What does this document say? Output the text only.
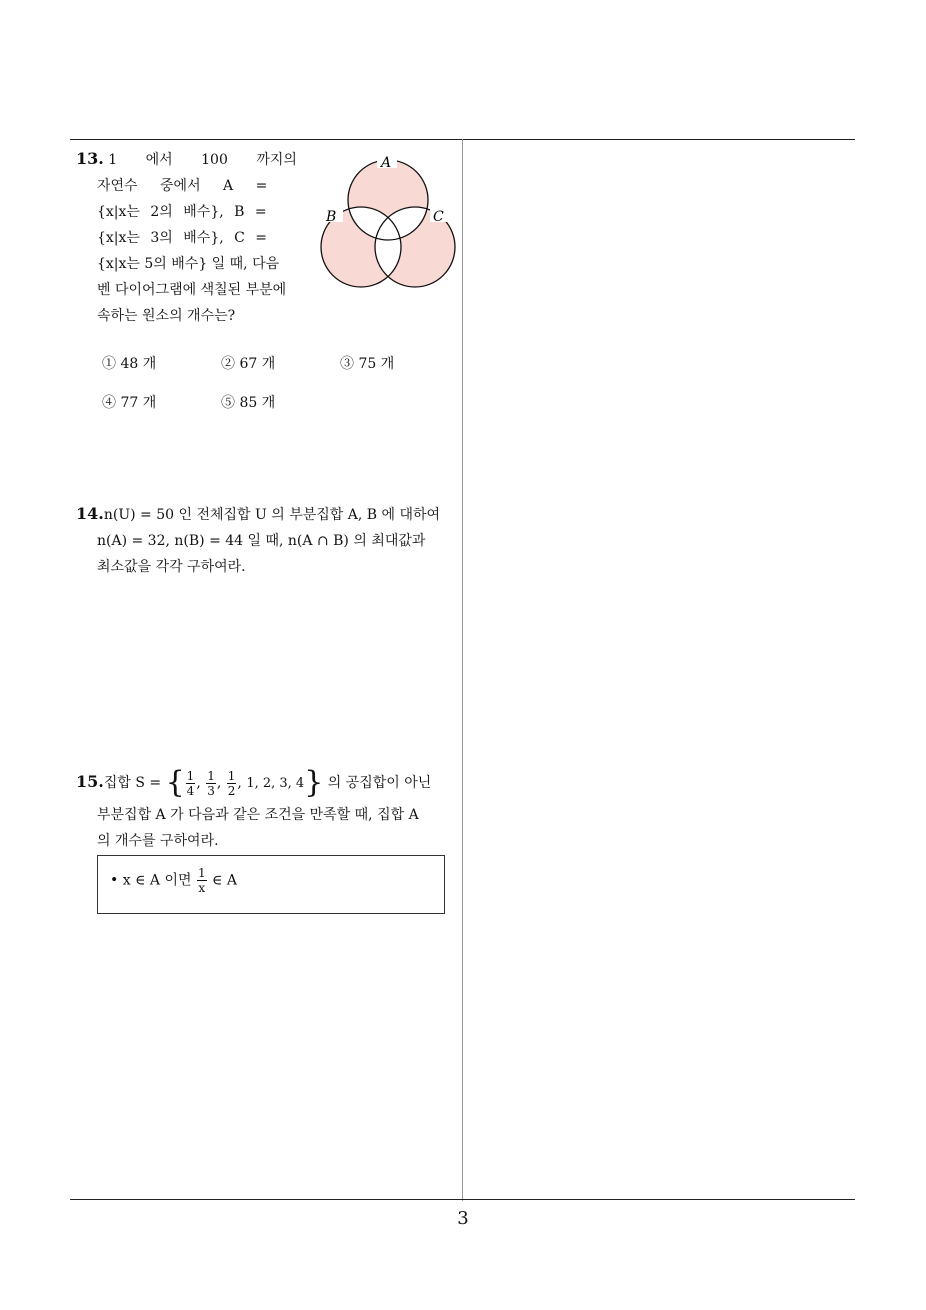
13. 1 에서 100 까지의
자연수 중에서 A =
{x|x는 2의 배수}, B =
{x|x는 3의 배수}, C =
{x|x는 5의 배수} 일 때, 다음
벤 다이어그램에 색칠된 부분에
속하는 원소의 개수는?
A
B	C
① 48 개	② 67 개	③ 75 개
④ 77 개	⑤ 85 개
14.n(U) = 50 인 전체집합 U 의 부분집합 A, B 에 대하여
n(A) = 32, n(B) = 44 일 때, n(A ∩ B) 의 최대값과
최소값을 각각 구하여라.
15.집합 S = { $\frac{1}{4}$ , $\frac{1}{3}$ , $\frac{1}{2}$ , 1, 2, 3, 4} 의 공집합이 아닌
부분집합 A 가 다음과 같은 조건을 만족할 때, 집합 A
의 개수를 구하여라.
• x ∈ A 이면 $\frac{1}{x}$ ∈ A
3
